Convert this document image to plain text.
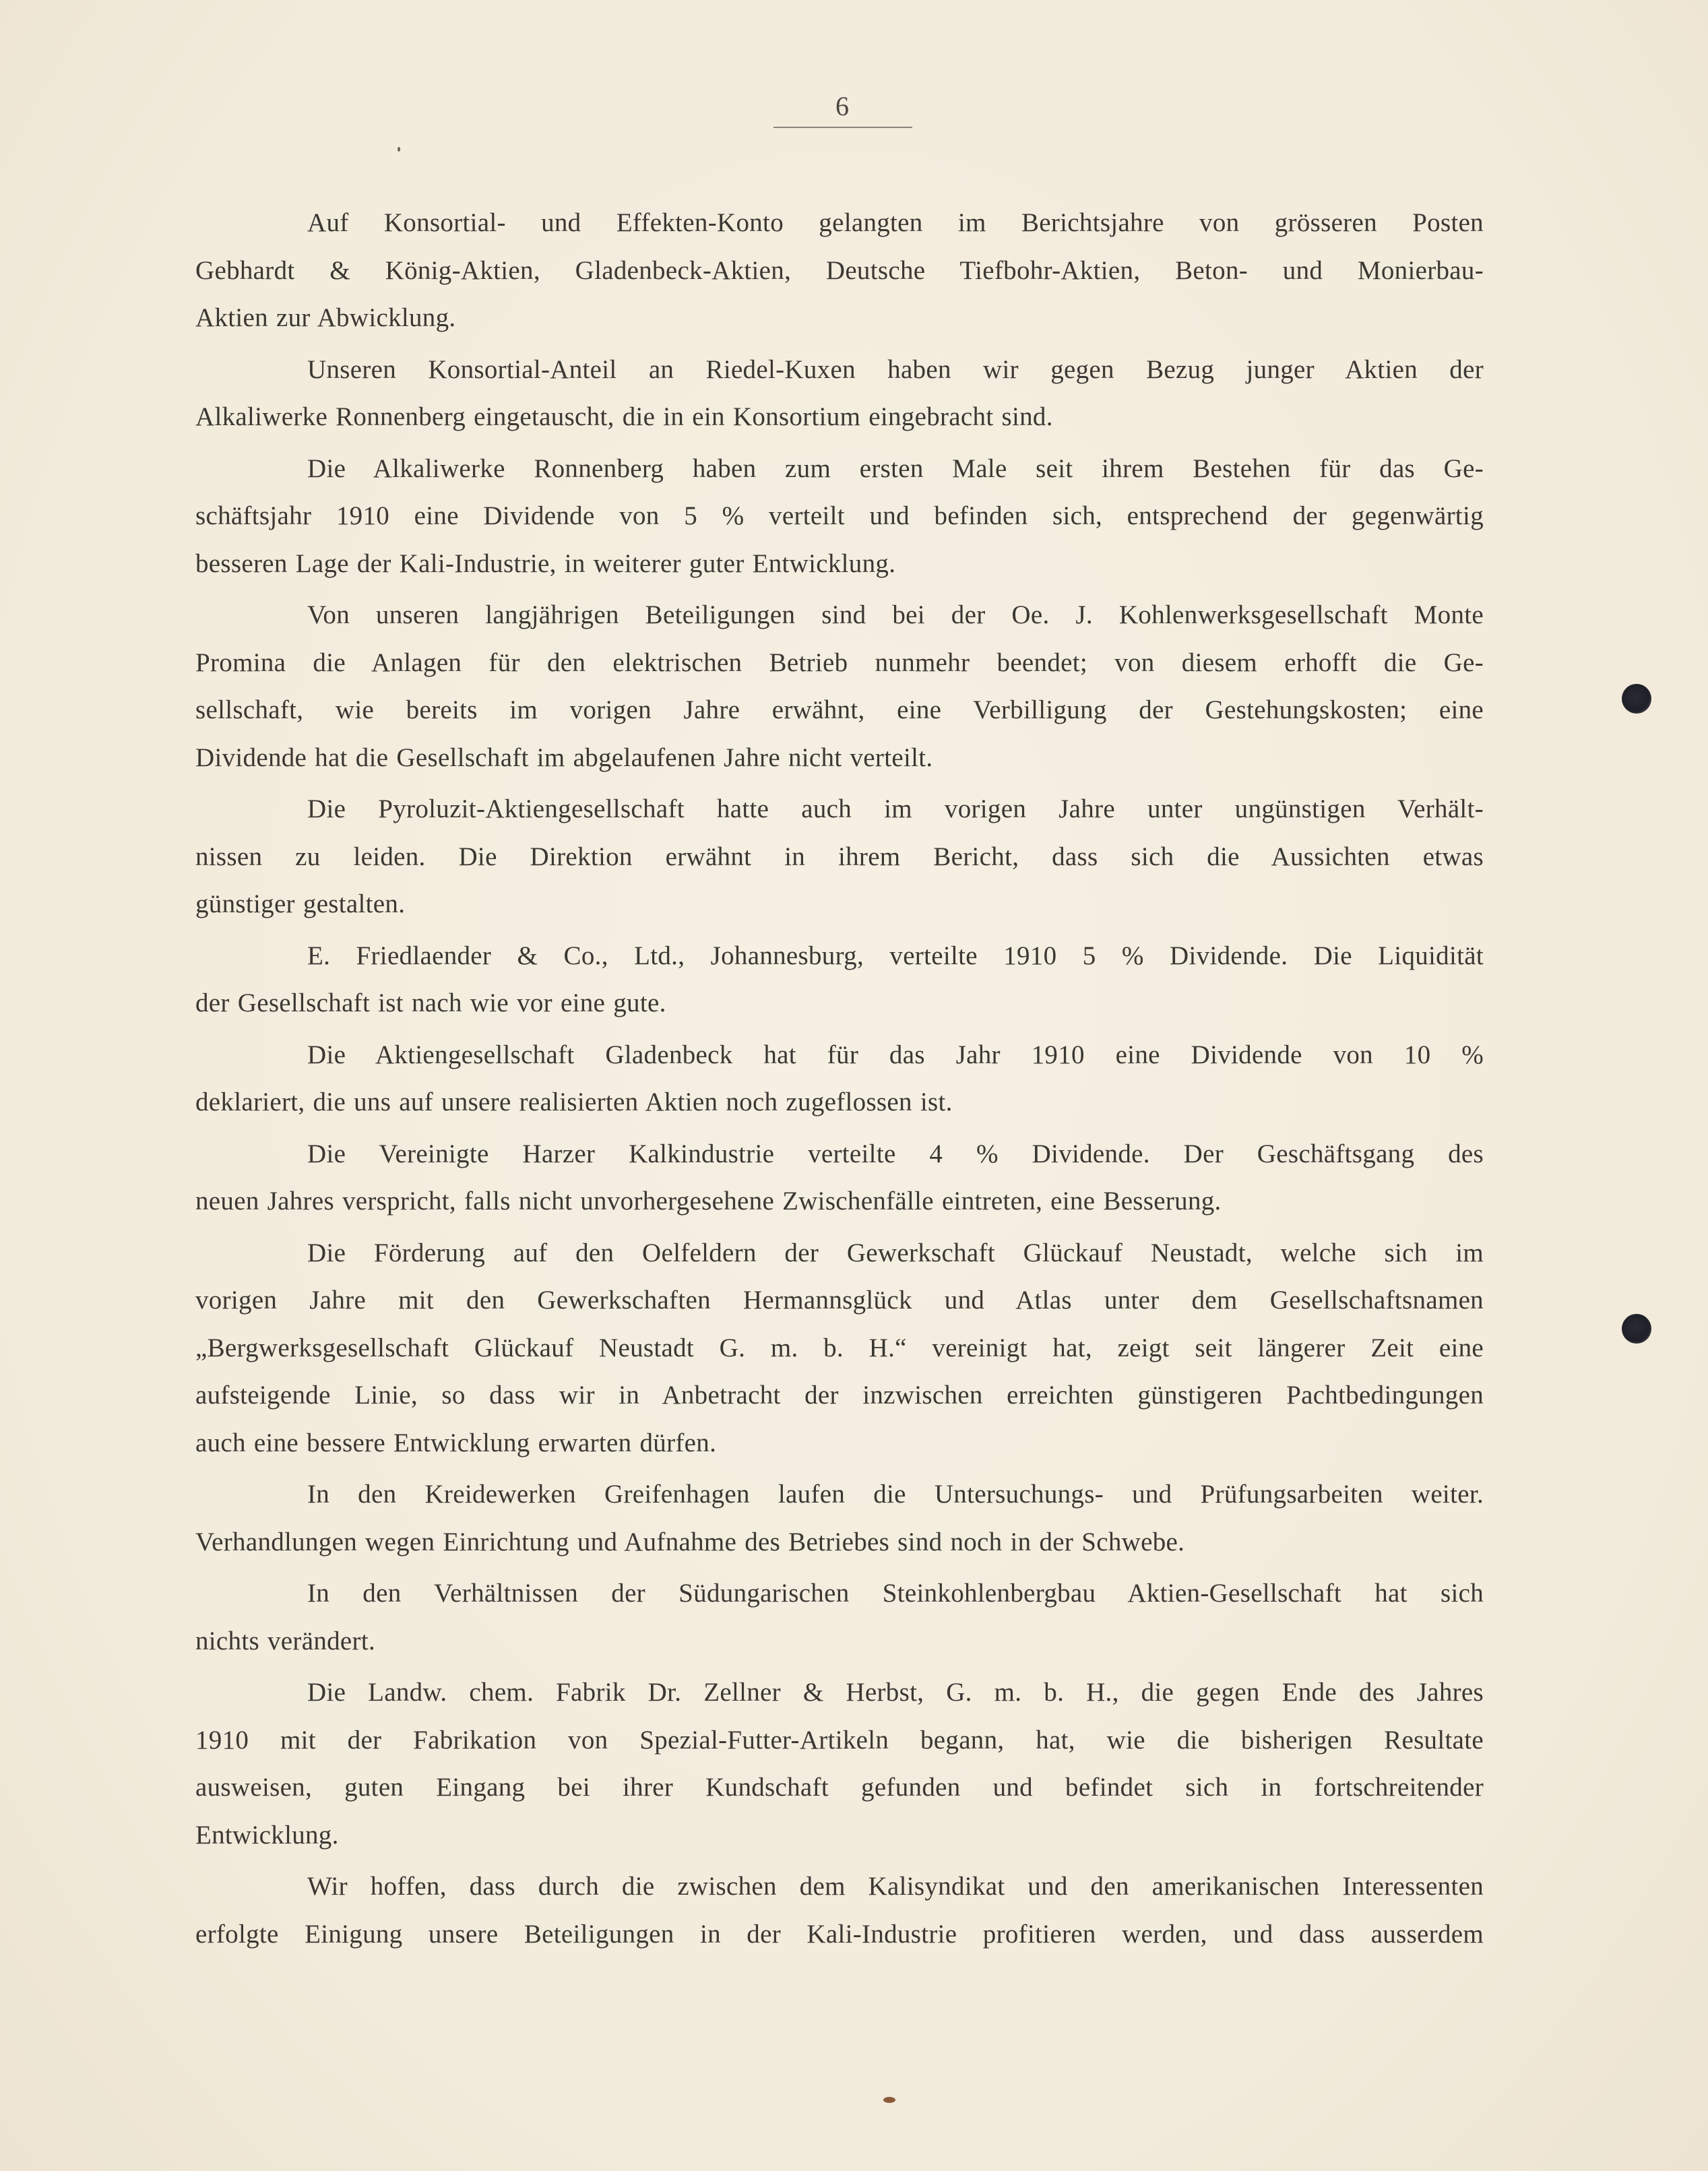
6
Auf Konsortial- und Effekten-Konto gelangten im Berichtsjahre von grösseren Posten
Gebhardt & König-Aktien, Gladenbeck-Aktien, Deutsche Tiefbohr-Aktien, Beton- und Monierbau-
Aktien zur Abwicklung.
Unseren Konsortial-Anteil an Riedel-Kuxen haben wir gegen Bezug junger Aktien der
Alkaliwerke Ronnenberg eingetauscht, die in ein Konsortium eingebracht sind.
Die Alkaliwerke Ronnenberg haben zum ersten Male seit ihrem Bestehen für das Ge-
schäftsjahr 1910 eine Dividende von 5 % verteilt und befinden sich, entsprechend der gegenwärtig
besseren Lage der Kali-Industrie, in weiterer guter Entwicklung.
Von unseren langjährigen Beteiligungen sind bei der Oe. J. Kohlenwerksgesellschaft Monte
Promina die Anlagen für den elektrischen Betrieb nunmehr beendet; von diesem erhofft die Ge-
sellschaft, wie bereits im vorigen Jahre erwähnt, eine Verbilligung der Gestehungskosten; eine
Dividende hat die Gesellschaft im abgelaufenen Jahre nicht verteilt.
Die Pyroluzit-Aktiengesellschaft hatte auch im vorigen Jahre unter ungünstigen Verhält-
nissen zu leiden. Die Direktion erwähnt in ihrem Bericht, dass sich die Aussichten etwas
günstiger gestalten.
E. Friedlaender & Co., Ltd., Johannesburg, verteilte 1910 5 % Dividende. Die Liquidität
der Gesellschaft ist nach wie vor eine gute.
Die Aktiengesellschaft Gladenbeck hat für das Jahr 1910 eine Dividende von 10 %
deklariert, die uns auf unsere realisierten Aktien noch zugeflossen ist.
Die Vereinigte Harzer Kalkindustrie verteilte 4 % Dividende. Der Geschäftsgang des
neuen Jahres verspricht, falls nicht unvorhergesehene Zwischenfälle eintreten, eine Besserung.
Die Förderung auf den Oelfeldern der Gewerkschaft Glückauf Neustadt, welche sich im
vorigen Jahre mit den Gewerkschaften Hermannsglück und Atlas unter dem Gesellschaftsnamen
„Bergwerksgesellschaft Glückauf Neustadt G. m. b. H.“ vereinigt hat, zeigt seit längerer Zeit eine
aufsteigende Linie, so dass wir in Anbetracht der inzwischen erreichten günstigeren Pachtbedingungen
auch eine bessere Entwicklung erwarten dürfen.
In den Kreidewerken Greifenhagen laufen die Untersuchungs- und Prüfungsarbeiten weiter.
Verhandlungen wegen Einrichtung und Aufnahme des Betriebes sind noch in der Schwebe.
In den Verhältnissen der Südungarischen Steinkohlenbergbau Aktien-Gesellschaft hat sich
nichts verändert.
Die Landw. chem. Fabrik Dr. Zellner & Herbst, G. m. b. H., die gegen Ende des Jahres
1910 mit der Fabrikation von Spezial-Futter-Artikeln begann, hat, wie die bisherigen Resultate
ausweisen, guten Eingang bei ihrer Kundschaft gefunden und befindet sich in fortschreitender
Entwicklung.
Wir hoffen, dass durch die zwischen dem Kalisyndikat und den amerikanischen Interessenten
erfolgte Einigung unsere Beteiligungen in der Kali-Industrie profitieren werden, und dass ausserdem
